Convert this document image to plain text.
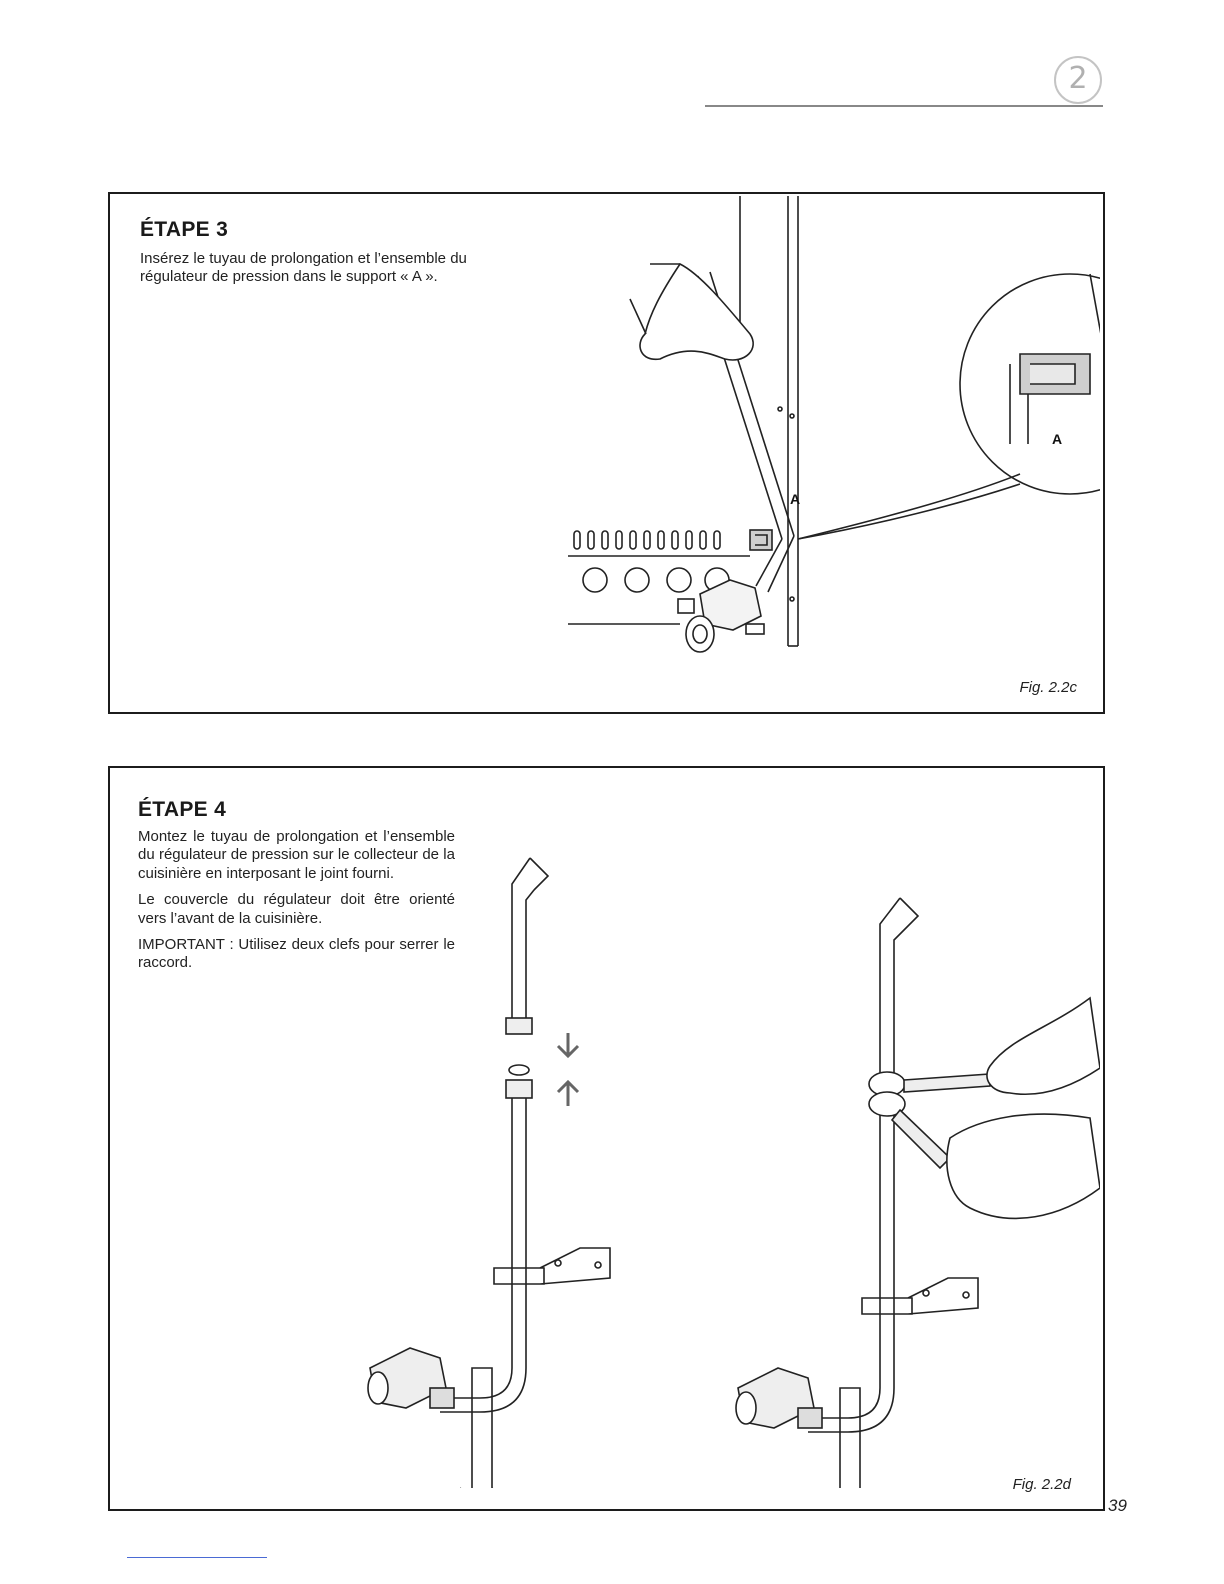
2
ÉTAPE 3

Insérez le tuyau de prolongation et l’ensemble du régulateur de pression dans le support « A ».

A
A
Fig. 2.2c
ÉTAPE 4

Montez le tuyau de prolongation et l’ensemble du régulateur de pression sur le collecteur de la cuisinière en interposant le joint fourni.

Le couvercle du régulateur doit être orienté vers l’avant de la cuisinière.

IMPORTANT : Utilisez deux clefs pour serrer le raccord.

Fig. 2.2d
39
